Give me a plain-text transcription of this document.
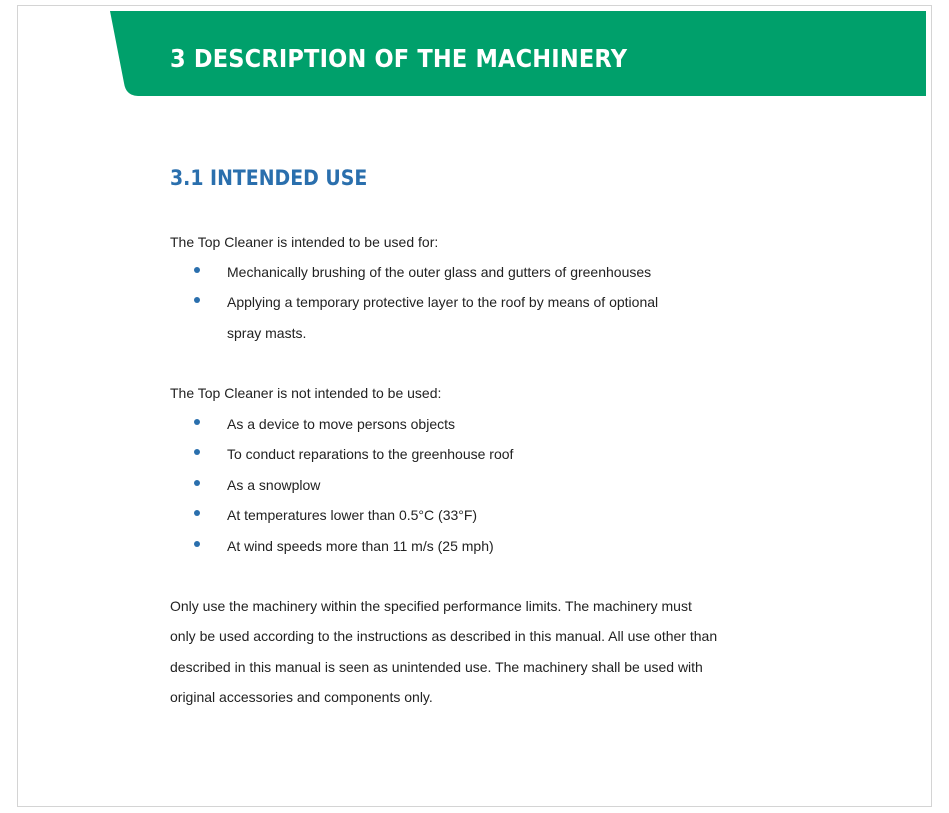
3 DESCRIPTION OF THE MACHINERY
3.1 INTENDED USE
The Top Cleaner is intended to be used for:
Mechanically brushing of the outer glass and gutters of greenhouses
Applying a temporary protective layer to the roof by means of optional
spray masts.
The Top Cleaner is not intended to be used:
As a device to move persons objects
To conduct reparations to the greenhouse roof
As a snowplow
At temperatures lower than 0.5°C (33°F)
At wind speeds more than 11 m/s (25 mph)
Only use the machinery within the specified performance limits. The machinery must
only be used according to the instructions as described in this manual. All use other than
described in this manual is seen as unintended use. The machinery shall be used with
original accessories and components only.
